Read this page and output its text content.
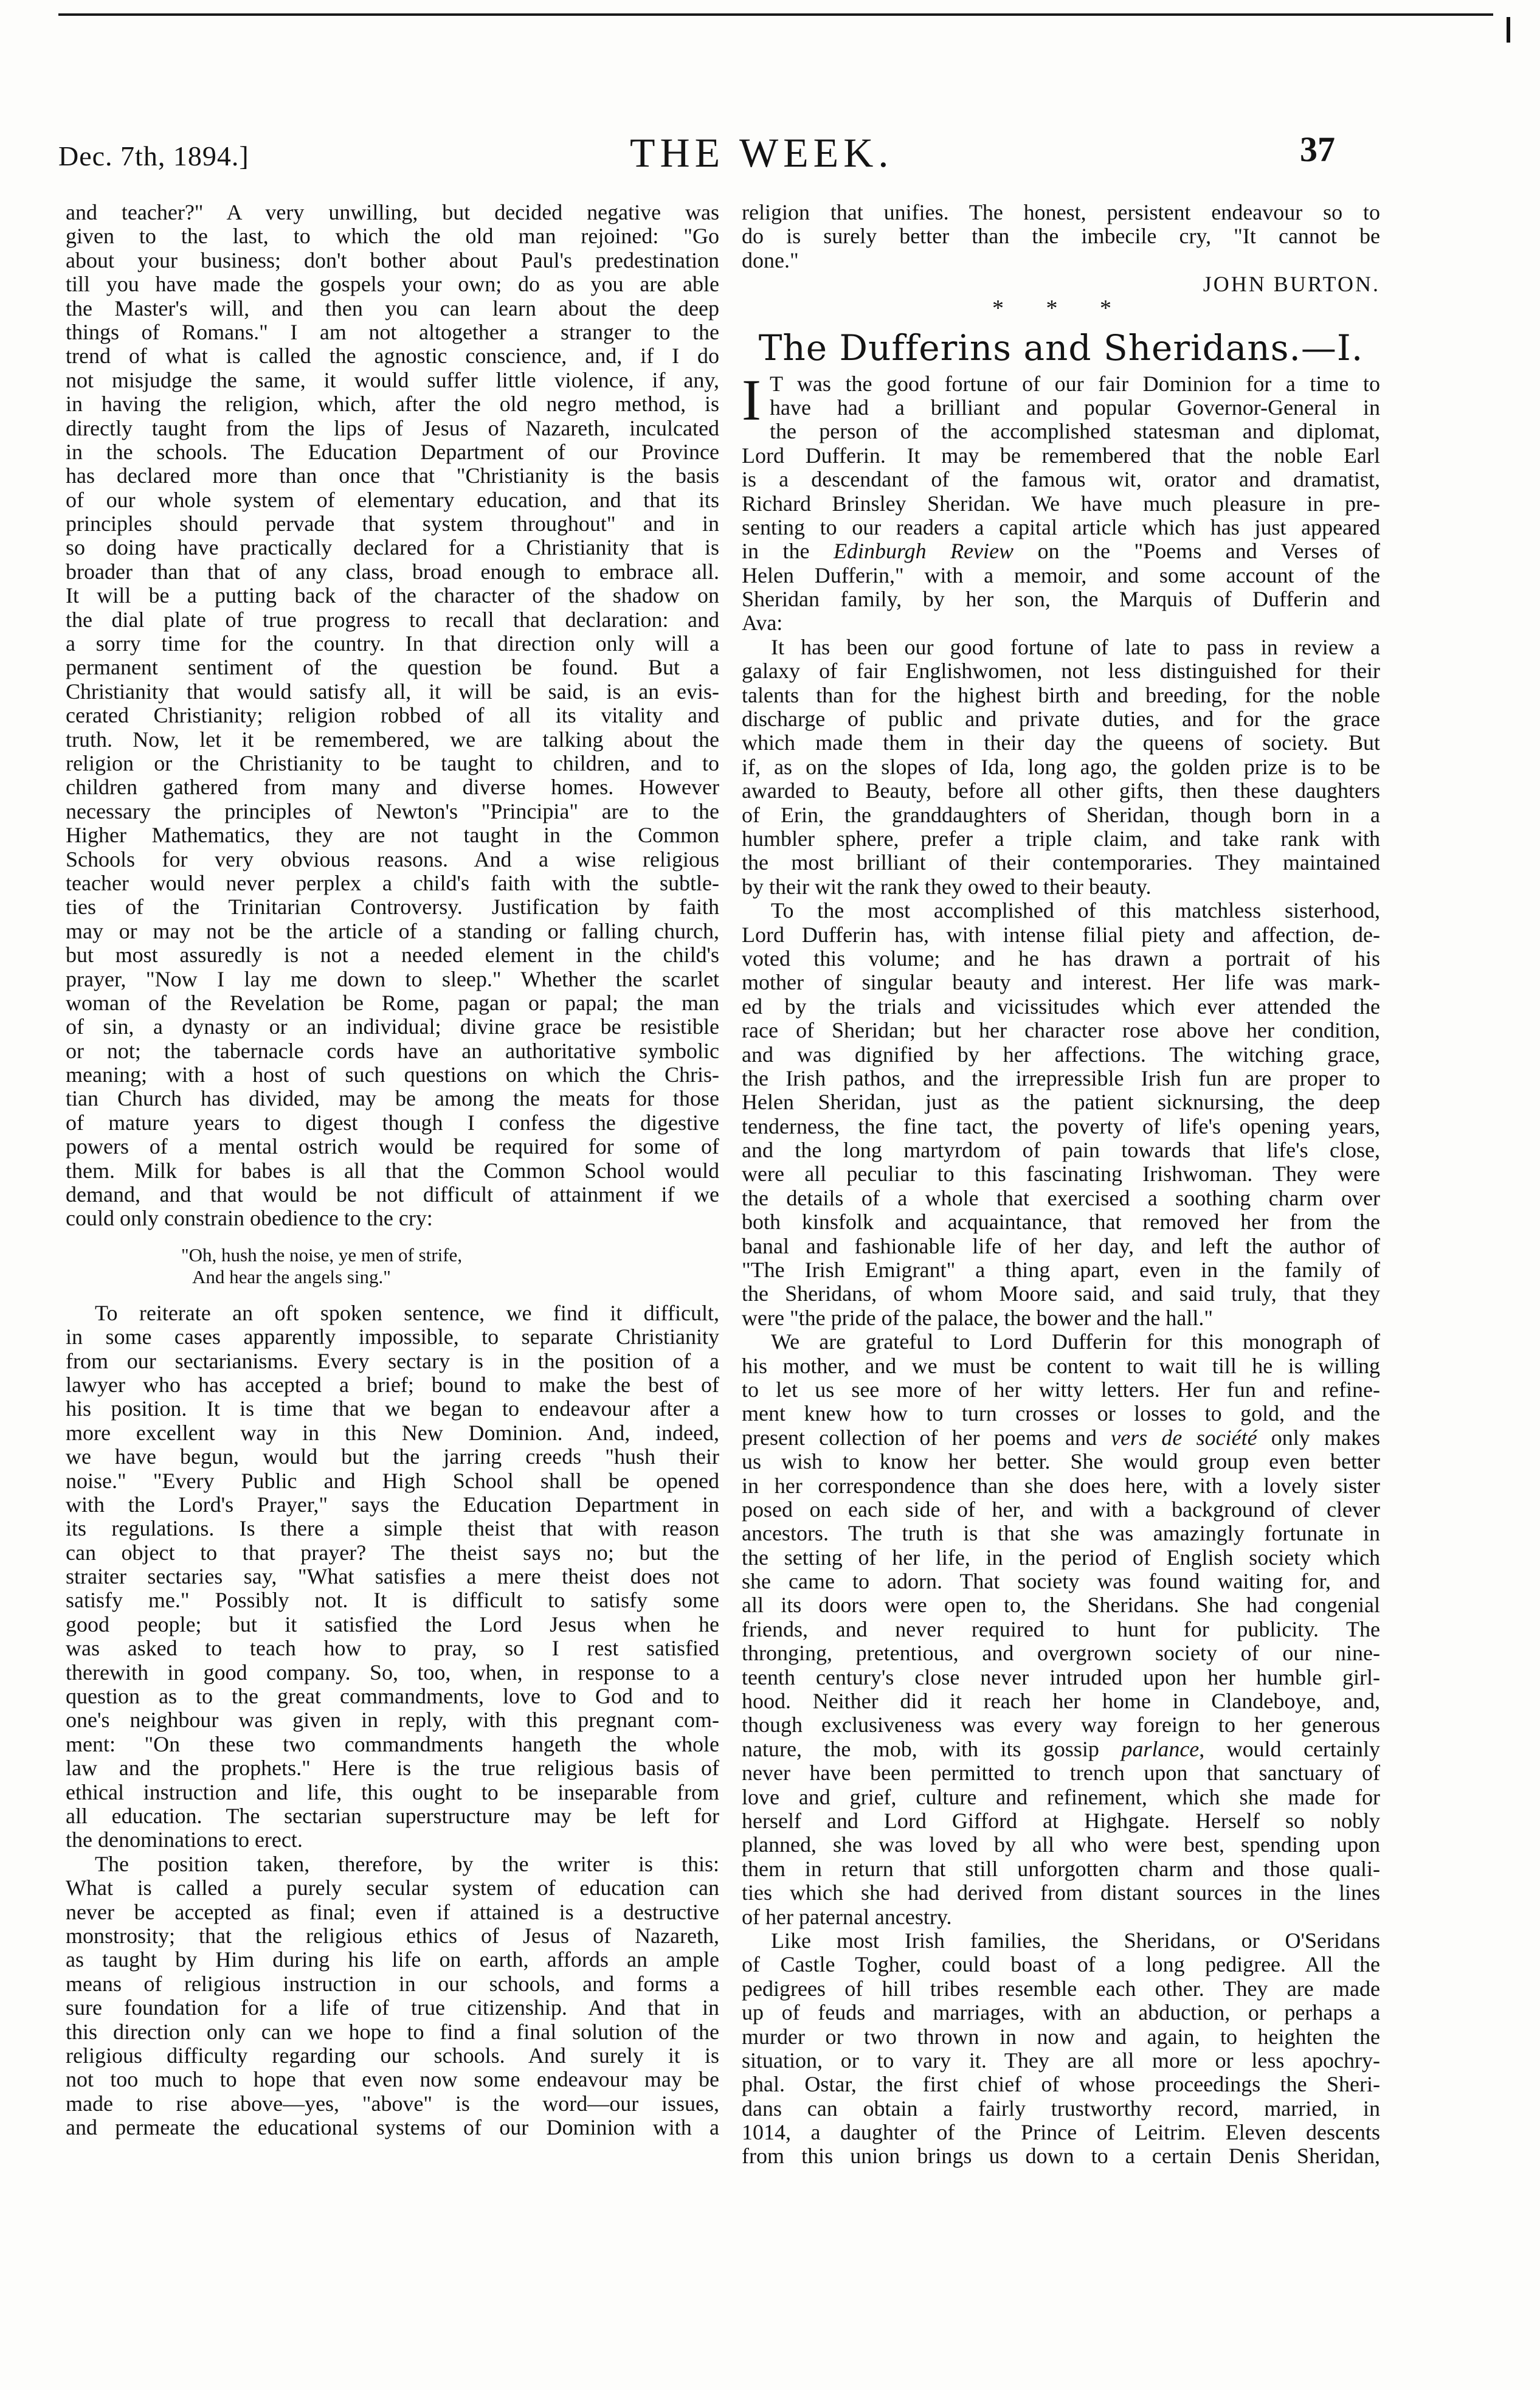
Dec. 7th, 1894.]	THE WEEK.	37
and teacher?" A very unwilling, but decided negative was
given to the last, to which the old man rejoined: "Go
about your business; don't bother about Paul's predestination
till you have made the gospels your own; do as you are able
the Master's will, and then you can learn about the deep
things of Romans." I am not altogether a stranger to the
trend of what is called the agnostic conscience, and, if I do
not misjudge the same, it would suffer little violence, if any,
in having the religion, which, after the old negro method, is
directly taught from the lips of Jesus of Nazareth, inculcated
in the schools. The Education Department of our Province
has declared more than once that "Christianity is the basis
of our whole system of elementary education, and that its
principles should pervade that system throughout" and in
so doing have practically declared for a Christianity that is
broader than that of any class, broad enough to embrace all.
It will be a putting back of the character of the shadow on
the dial plate of true progress to recall that declaration: and
a sorry time for the country. In that direction only will a
permanent sentiment of the question be found. But a
Christianity that would satisfy all, it will be said, is an evis-
cerated Christianity; religion robbed of all its vitality and
truth. Now, let it be remembered, we are talking about the
religion or the Christianity to be taught to children, and to
children gathered from many and diverse homes. However
necessary the principles of Newton's "Principia" are to the
Higher Mathematics, they are not taught in the Common
Schools for very obvious reasons. And a wise religious
teacher would never perplex a child's faith with the subtle-
ties of the Trinitarian Controversy. Justification by faith
may or may not be the article of a standing or falling church,
but most assuredly is not a needed element in the child's
prayer, "Now I lay me down to sleep." Whether the scarlet
woman of the Revelation be Rome, pagan or papal; the man
of sin, a dynasty or an individual; divine grace be resistible
or not; the tabernacle cords have an authoritative symbolic
meaning; with a host of such questions on which the Chris-
tian Church has divided, may be among the meats for those
of mature years to digest though I confess the digestive
powers of a mental ostrich would be required for some of
them. Milk for babes is all that the Common School would
demand, and that would be not difficult of attainment if we
could only constrain obedience to the cry:
"Oh, hush the noise, ye men of strife,
And hear the angels sing."
To reiterate an oft spoken sentence, we find it difficult,
in some cases apparently impossible, to separate Christianity
from our sectarianisms. Every sectary is in the position of a
lawyer who has accepted a brief; bound to make the best of
his position. It is time that we began to endeavour after a
more excellent way in this New Dominion. And, indeed,
we have begun, would but the jarring creeds "hush their
noise." "Every Public and High School shall be opened
with the Lord's Prayer," says the Education Department in
its regulations. Is there a simple theist that with reason
can object to that prayer? The theist says no; but the
straiter sectaries say, "What satisfies a mere theist does not
satisfy me." Possibly not. It is difficult to satisfy some
good people; but it satisfied the Lord Jesus when he
was asked to teach how to pray, so I rest satisfied
therewith in good company. So, too, when, in response to a
question as to the great commandments, love to God and to
one's neighbour was given in reply, with this pregnant com-
ment: "On these two commandments hangeth the whole
law and the prophets." Here is the true religious basis of
ethical instruction and life, this ought to be inseparable from
all education. The sectarian superstructure may be left for
the denominations to erect.
The position taken, therefore, by the writer is this:
What is called a purely secular system of education can
never be accepted as final; even if attained is a destructive
monstrosity; that the religious ethics of Jesus of Nazareth,
as taught by Him during his life on earth, affords an ample
means of religious instruction in our schools, and forms a
sure foundation for a life of true citizenship. And that in
this direction only can we hope to find a final solution of the
religious difficulty regarding our schools. And surely it is
not too much to hope that even now some endeavour may be
made to rise above—yes, "above" is the word—our issues,
and permeate the educational systems of our Dominion with a
religion that unifies. The honest, persistent endeavour so to
do is surely better than the imbecile cry, "It cannot be
done."
JOHN BURTON.
* * *
The Dufferins and Sheridans.—I.
I T was the good fortune of our fair Dominion for a time to
have had a brilliant and popular Governor-General in
the person of the accomplished statesman and diplomat,
Lord Dufferin. It may be remembered that the noble Earl
is a descendant of the famous wit, orator and dramatist,
Richard Brinsley Sheridan. We have much pleasure in pre-
senting to our readers a capital article which has just appeared
in the Edinburgh Review on the "Poems and Verses of
Helen Dufferin," with a memoir, and some account of the
Sheridan family, by her son, the Marquis of Dufferin and
Ava:
It has been our good fortune of late to pass in review a
galaxy of fair Englishwomen, not less distinguished for their
talents than for the highest birth and breeding, for the noble
discharge of public and private duties, and for the grace
which made them in their day the queens of society. But
if, as on the slopes of Ida, long ago, the golden prize is to be
awarded to Beauty, before all other gifts, then these daughters
of Erin, the granddaughters of Sheridan, though born in a
humbler sphere, prefer a triple claim, and take rank with
the most brilliant of their contemporaries. They maintained
by their wit the rank they owed to their beauty.
To the most accomplished of this matchless sisterhood,
Lord Dufferin has, with intense filial piety and affection, de-
voted this volume; and he has drawn a portrait of his
mother of singular beauty and interest. Her life was mark-
ed by the trials and vicissitudes which ever attended the
race of Sheridan; but her character rose above her condition,
and was dignified by her affections. The witching grace,
the Irish pathos, and the irrepressible Irish fun are proper to
Helen Sheridan, just as the patient sicknursing, the deep
tenderness, the fine tact, the poverty of life's opening years,
and the long martyrdom of pain towards that life's close,
were all peculiar to this fascinating Irishwoman. They were
the details of a whole that exercised a soothing charm over
both kinsfolk and acquaintance, that removed her from the
banal and fashionable life of her day, and left the author of
"The Irish Emigrant" a thing apart, even in the family of
the Sheridans, of whom Moore said, and said truly, that they
were "the pride of the palace, the bower and the hall."
We are grateful to Lord Dufferin for this monograph of
his mother, and we must be content to wait till he is willing
to let us see more of her witty letters. Her fun and refine-
ment knew how to turn crosses or losses to gold, and the
present collection of her poems and vers de société only makes
us wish to know her better. She would group even better
in her correspondence than she does here, with a lovely sister
posed on each side of her, and with a background of clever
ancestors. The truth is that she was amazingly fortunate in
the setting of her life, in the period of English society which
she came to adorn. That society was found waiting for, and
all its doors were open to, the Sheridans. She had congenial
friends, and never required to hunt for publicity. The
thronging, pretentious, and overgrown society of our nine-
teenth century's close never intruded upon her humble girl-
hood. Neither did it reach her home in Clandeboye, and,
though exclusiveness was every way foreign to her generous
nature, the mob, with its gossip parlance, would certainly
never have been permitted to trench upon that sanctuary of
love and grief, culture and refinement, which she made for
herself and Lord Gifford at Highgate. Herself so nobly
planned, she was loved by all who were best, spending upon
them in return that still unforgotten charm and those quali-
ties which she had derived from distant sources in the lines
of her paternal ancestry.
Like most Irish families, the Sheridans, or O'Seridans
of Castle Togher, could boast of a long pedigree. All the
pedigrees of hill tribes resemble each other. They are made
up of feuds and marriages, with an abduction, or perhaps a
murder or two thrown in now and again, to heighten the
situation, or to vary it. They are all more or less apochry-
phal. Ostar, the first chief of whose proceedings the Sheri-
dans can obtain a fairly trustworthy record, married, in
1014, a daughter of the Prince of Leitrim. Eleven descents
from this union brings us down to a certain Denis Sheridan,
